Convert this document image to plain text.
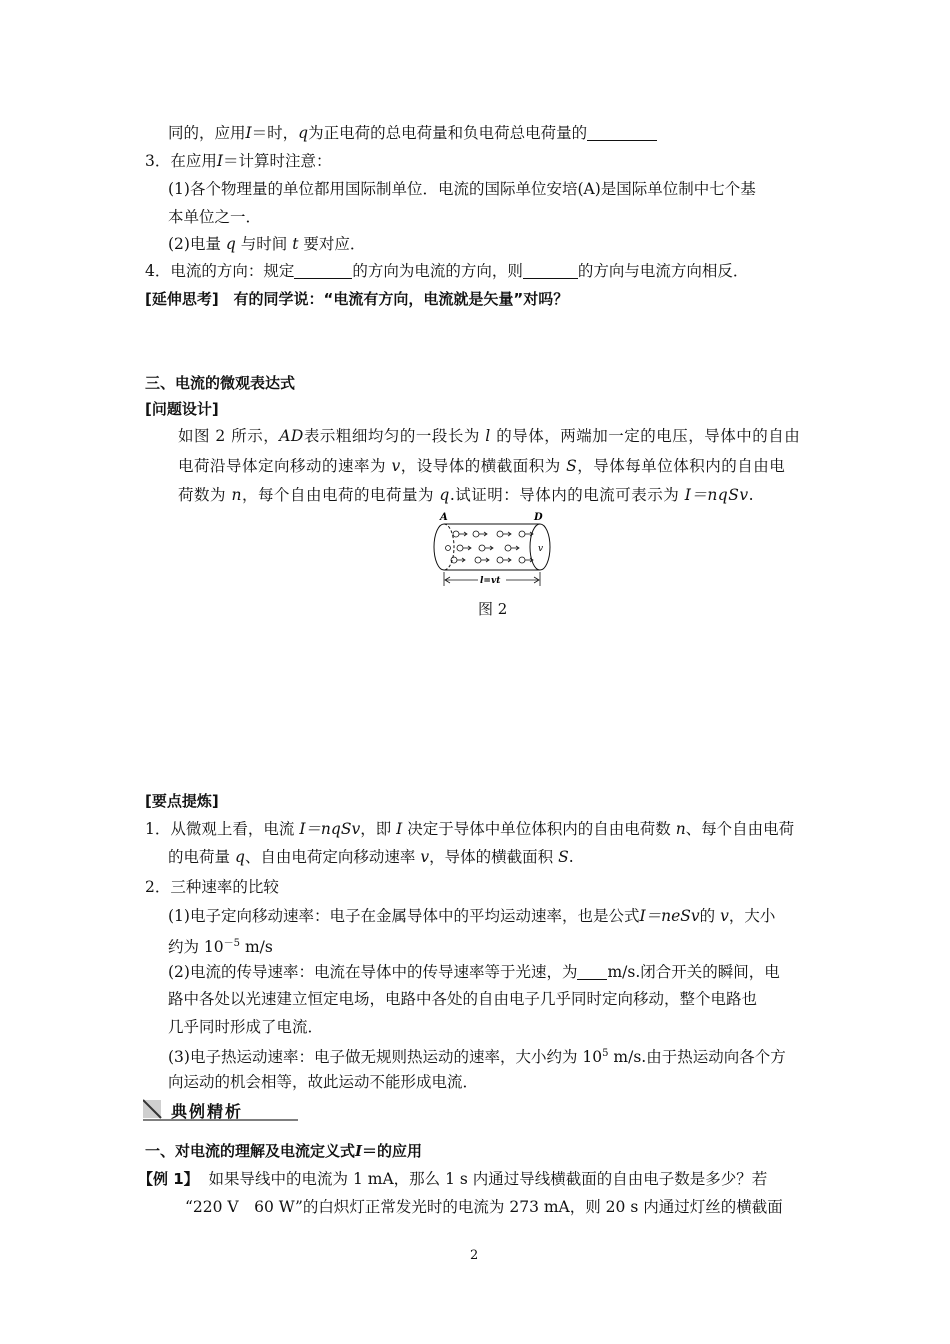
同的，应用I＝时，q为正电荷的总电荷量和负电荷总电荷量的
3．在应用I＝计算时注意：
(1)各个物理量的单位都用国际制单位．电流的国际单位安培(A)是国际单位制中七个基
本单位之一．
(2)电量 q 与时间 t 要对应．
4．电流的方向：规定	的方向为电流的方向，则	的方向与电流方向相反．
[延伸思考] 有的同学说：“电流有方向，电流就是矢量”对吗？
三、电流的微观表达式
[问题设计]
如图 2 所示，AD表示粗细均匀的一段长为 l 的导体，两端加一定的电压，导体中的自由
电荷沿导体定向移动的速率为 v，设导体的横截面积为 S，导体每单位体积内的自由电
荷数为 n，每个自由电荷的电荷量为 q.试证明：导体内的电流可表示为 I＝nqSv.
A	D
v
l=vt
图 2
[要点提炼]
1．从微观上看，电流 I＝nqSv，即 I 决定于导体中单位体积内的自由电荷数 n、每个自由电荷
的电荷量 q、自由电荷定向移动速率 v，导体的横截面积 S.
2．三种速率的比较
(1)电子定向移动速率：电子在金属导体中的平均运动速率，也是公式I＝neSv的 v，大小
约为 $10^{-5}$ m/s
(2)电流的传导速率：电流在导体中的传导速率等于光速，为 m/s.闭合开关的瞬间，电
路中各处以光速建立恒定电场，电路中各处的自由电子几乎同时定向移动，整个电路也
几乎同时形成了电流．
(3)电子热运动速率：电子做无规则热运动的速率，大小约为 $10^5$ m/s.由于热运动向各个方
向运动的机会相等，故此运动不能形成电流．
典例精析
一、对电流的理解及电流定义式I＝的应用
【例 1】 如果导线中的电流为 1 mA，那么 1 s 内通过导线横截面的自由电子数是多少？若
“220 V　60 W”的白炽灯正常发光时的电流为 273 mA，则 20 s 内通过灯丝的横截面
2
